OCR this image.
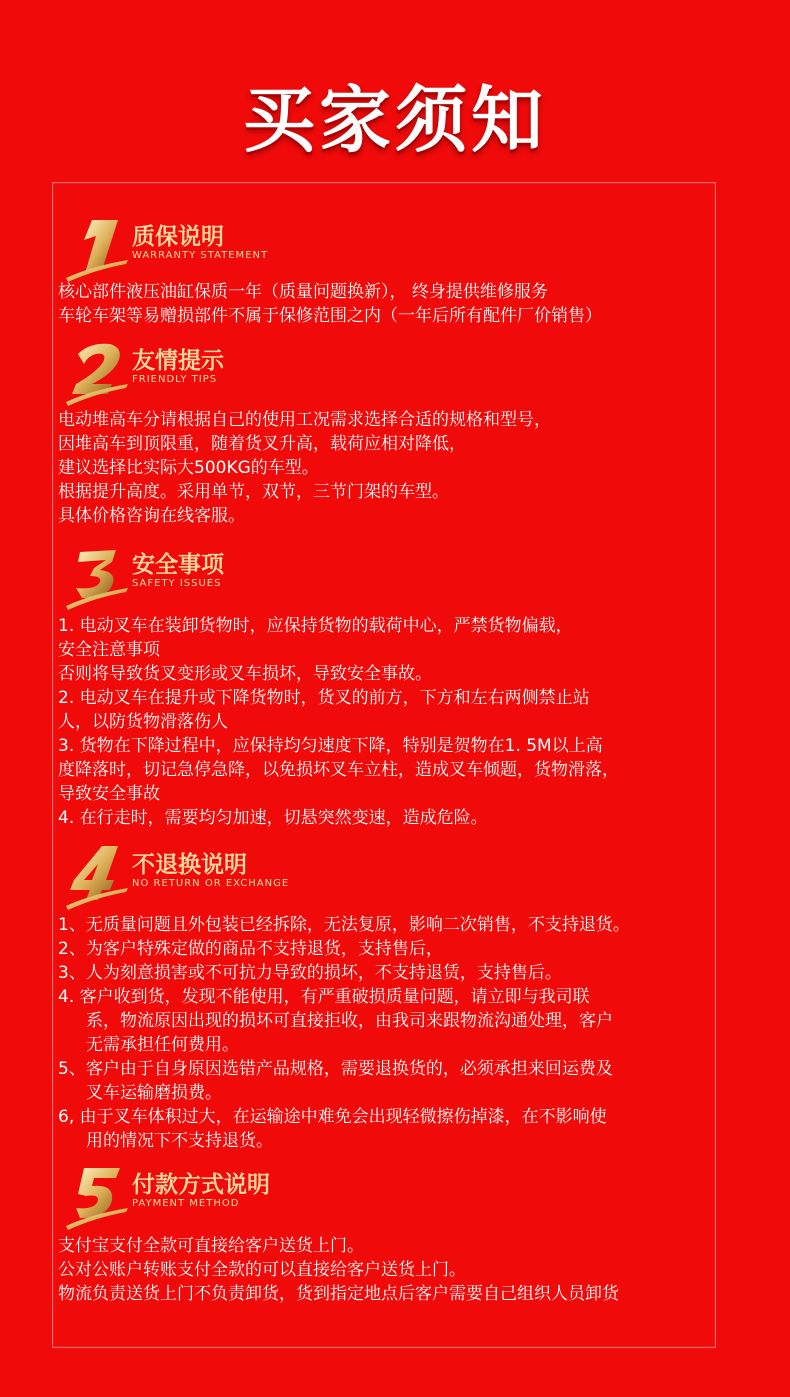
买家须知
质保说明
WARRANTY STATEMENT
核心部件液压油缸保质一年（质量问题换新）， 终身提供维修服务
车轮车架等易赠损部件不属于保修范围之内（一年后所有配件厂价销售）
友情提示
FRIENDLY TIPS
电动堆高车分请根据自己的使用工况需求选择合适的规格和型号，
因堆高车到顶限重，随着货叉升高，载荷应相对降低，
建议选择比实际大500KG的车型。
根据提升高度。采用单节，双节，三节门架的车型。
具体价格咨询在线客服。
安全事项
SAFETY ISSUES
1. 电动叉车在装卸货物时，应保持货物的载荷中心，严禁货物偏载，
安全注意事项
否则将导致货叉变形或叉车损坏，导致安全事故。
2. 电动叉车在提升或下降货物时，货叉的前方，下方和左右两侧禁止站
人，以防货物滑落伤人
3. 货物在下降过程中，应保持均匀速度下降，特别是贺物在1. 5M以上高
度降落时，切记急停急降，以免损坏叉车立柱，造成叉车倾题，货物滑落，
导致安全事故
4. 在行走时，需要均匀加速，切悬突然变速，造成危险。
不退换说明
NO RETURN OR EXCHANGE
1、无质量问题且外包装已经拆除，无法复原，影响二次销售，不支持退货。
2、为客户特殊定做的商品不支持退货，支持售后，
3、人为刻意损害或不可抗力导致的损坏，不支持退赁，支持售后。
4. 客户收到货，发现不能使用，有严重破损质量问题，请立即与我司联
系，物流原因出现的损坏可直接拒收，由我司来跟物流沟通处理，客户
无需承担任何费用。
5、客户由于自身原因选错产品规格，需要退换货的，必须承担来回运费及
叉车运输磨损费。
6, 由于叉车体积过大，在运输途中难免会出现轻微擦伤掉漆，在不影响使
用的情况下不支持退货。
付款方式说明
PAYMENT METHOD
支付宝支付全款可直接给客户送货上门。
公对公账户转账支付全款的可以直接给客户送货上门。
物流负责送货上门不负责卸货，货到指定地点后客户需要自己组织人员卸货
